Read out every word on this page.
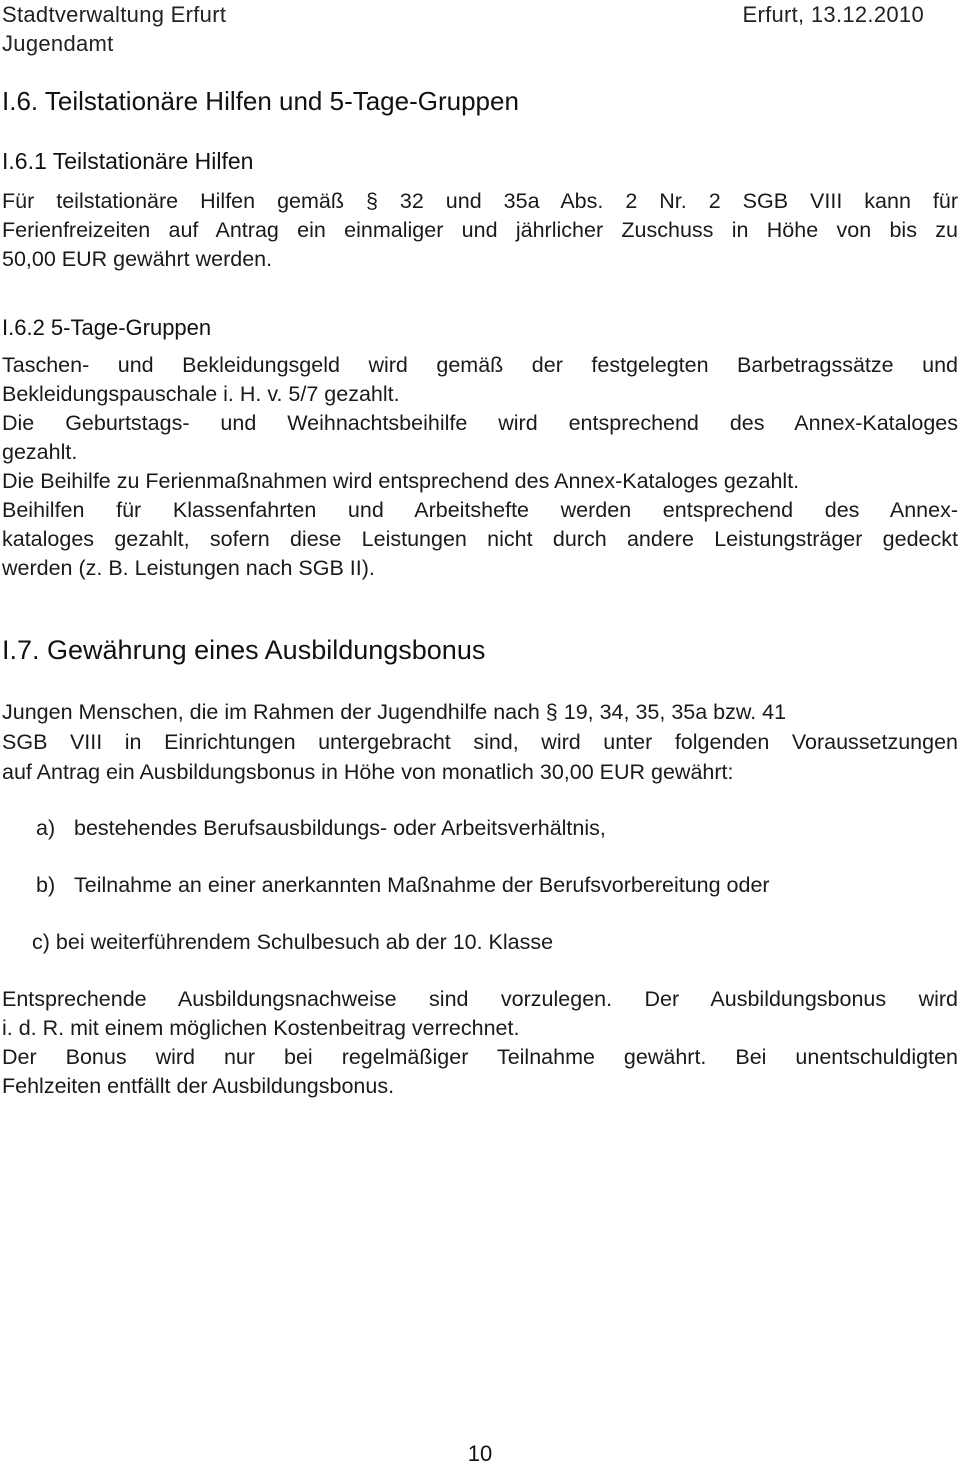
Stadtverwaltung Erfurt
Jugendamt
Erfurt, 13.12.2010
I.6. Teilstationäre Hilfen und 5-Tage-Gruppen
I.6.1 Teilstationäre Hilfen

Für teilstationäre Hilfen gemäß § 32 und 35a Abs. 2 Nr. 2 SGB VIII kann für

Ferienfreizeiten auf Antrag ein einmaliger und jährlicher Zuschuss in Höhe von bis zu

50,00 EUR gewährt werden.

I.6.2 5-Tage-Gruppen

Taschen- und Bekleidungsgeld wird gemäß der festgelegten Barbetragssätze und

Bekleidungspauschale i. H. v. 5/7 gezahlt.

Die Geburtstags- und Weihnachtsbeihilfe wird entsprechend des Annex-Kataloges

gezahlt.

Die Beihilfe zu Ferienmaßnahmen wird entsprechend des Annex-Kataloges gezahlt.

Beihilfen für Klassenfahrten und Arbeitshefte werden entsprechend des Annex-

kataloges gezahlt, sofern diese Leistungen nicht durch andere Leistungsträger gedeckt

werden (z. B. Leistungen nach SGB II).

I.7. Gewährung eines Ausbildungsbonus

Jungen Menschen, die im Rahmen der Jugendhilfe nach § 19, 34, 35, 35a bzw. 41

SGB VIII in Einrichtungen untergebracht sind, wird unter folgenden Voraussetzungen

auf Antrag ein Ausbildungsbonus in Höhe von monatlich 30,00 EUR gewährt:

a) bestehendes Berufsausbildungs- oder Arbeitsverhältnis,
b) Teilnahme an einer anerkannten Maßnahme der Berufsvorbereitung oder
c) bei weiterführendem Schulbesuch ab der 10. Klasse

Entsprechende Ausbildungsnachweise sind vorzulegen. Der Ausbildungsbonus wird

i. d. R. mit einem möglichen Kostenbeitrag verrechnet.

Der Bonus wird nur bei regelmäßiger Teilnahme gewährt. Bei unentschuldigten

Fehlzeiten entfällt der Ausbildungsbonus.

10
